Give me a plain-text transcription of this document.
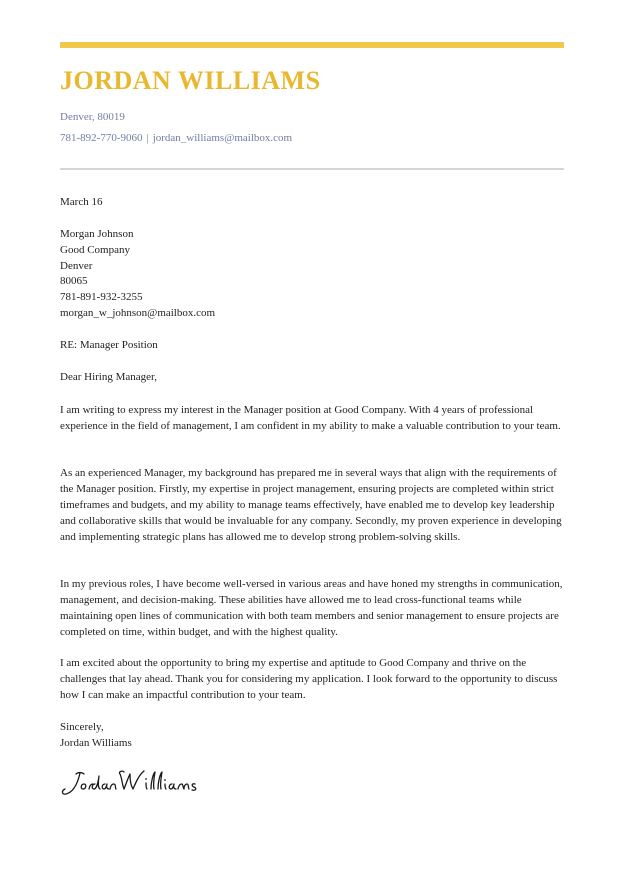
JORDAN WILLIAMS
Denver, 80019
781-892-770-9060 | jordan_williams@mailbox.com
March 16
Morgan Johnson
Good Company
Denver
80065
781-891-932-3255
morgan_w_johnson@mailbox.com
RE: Manager Position
Dear Hiring Manager,

I am writing to express my interest in the Manager position at Good Company. With 4 years of professional experience in the field of management, I am confident in my ability to make a valuable contribution to your team.

As an experienced Manager, my background has prepared me in several ways that align with the requirements of the Manager position. Firstly, my expertise in project management, ensuring projects are completed within strict timeframes and budgets, and my ability to manage teams effectively, have enabled me to develop key leadership and collaborative skills that would be invaluable for any company. Secondly, my proven experience in developing and implementing strategic plans has allowed me to develop strong problem-solving skills.

In my previous roles, I have become well-versed in various areas and have honed my strengths in communication, management, and decision-making. These abilities have allowed me to lead cross-functional teams while maintaining open lines of communication with both team members and senior management to ensure projects are completed on time, within budget, and with the highest quality.

I am excited about the opportunity to bring my expertise and aptitude to Good Company and thrive on the challenges that lay ahead. Thank you for considering my application. I look forward to the opportunity to discuss how I can make an impactful contribution to your team.

Sincerely,
Jordan Williams
